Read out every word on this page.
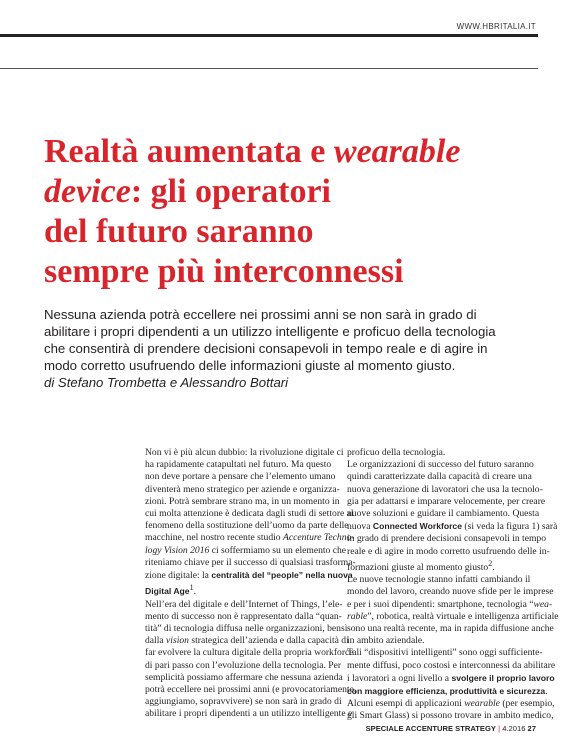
WWW.HBRITALIA.IT
Realtà aumentata e wearable
device: gli operatori
del futuro saranno
sempre più interconnessi
Nessuna azienda potrà eccellere nei prossimi anni se non sarà in grado di
abilitare i propri dipendenti a un utilizzo intelligente e proficuo della tecnologia
che consentirà di prendere decisioni consapevoli in tempo reale e di agire in
modo corretto usufruendo delle informazioni giuste al momento giusto.
di Stefano Trombetta e Alessandro Bottari
Non vi è più alcun dubbio: la rivoluzione digitale ci
ha rapidamente catapultati nel futuro. Ma questo
non deve portare a pensare che l’elemento umano
diventerà meno strategico per aziende e organizza-
zioni. Potrà sembrare strano ma, in un momento in
cui molta attenzione è dedicata dagli studi di settore al
fenomeno della sostituzione dell’uomo da parte delle
macchine, nel nostro recente studio Accenture Techno-
logy Vision 2016 ci soffermiamo su un elemento che
riteniamo chiave per il successo di qualsiasi trasforma-
zione digitale: la centralità del “people” nella nuova
Digital Age$^1$.
Nell’era del digitale e dell’Internet of Things, l’ele-
mento di successo non è rappresentato dalla “quan-
tità” di tecnologia diffusa nelle organizzazioni, bensì
dalla vision strategica dell’azienda e dalla capacità di
far evolvere la cultura digitale della propria workforce
di pari passo con l’evoluzione della tecnologia. Per
semplicità possiamo affermare che nessuna azienda
potrà eccellere nei prossimi anni (e provocatoriamente,
aggiungiamo, sopravvivere) se non sarà in grado di
abilitare i propri dipendenti a un utilizzo intelligente e
proficuo della tecnologia.
Le organizzazioni di successo del futuro saranno
quindi caratterizzate dalla capacità di creare una
nuova generazione di lavoratori che usa la tecnolo-
gia per adattarsi e imparare velocemente, per creare
nuove soluzioni e guidare il cambiamento. Questa
nuova Connected Workforce (si veda la figura 1) sarà
in grado di prendere decisioni consapevoli in tempo
reale e di agire in modo corretto usufruendo delle in-
formazioni giuste al momento giusto$^2$.
Le nuove tecnologie stanno infatti cambiando il
mondo del lavoro, creando nuove sfide per le imprese
e per i suoi dipendenti: smartphone, tecnologia “wea-
rable”, robotica, realtà virtuale e intelligenza artificiale
sono una realtà recente, ma in rapida diffusione anche
in ambito aziendale.
Tali “dispositivi intelligenti” sono oggi sufficiente-
mente diffusi, poco costosi e interconnessi da abilitare
i lavoratori a ogni livello a svolgere il proprio lavoro
con maggiore efficienza, produttività e sicurezza.
Alcuni esempi di applicazioni wearable (per esempio,
gli Smart Glass) si possono trovare in ambito medico,
SPECIALE ACCENTURE STRATEGY | 4.2016 27
